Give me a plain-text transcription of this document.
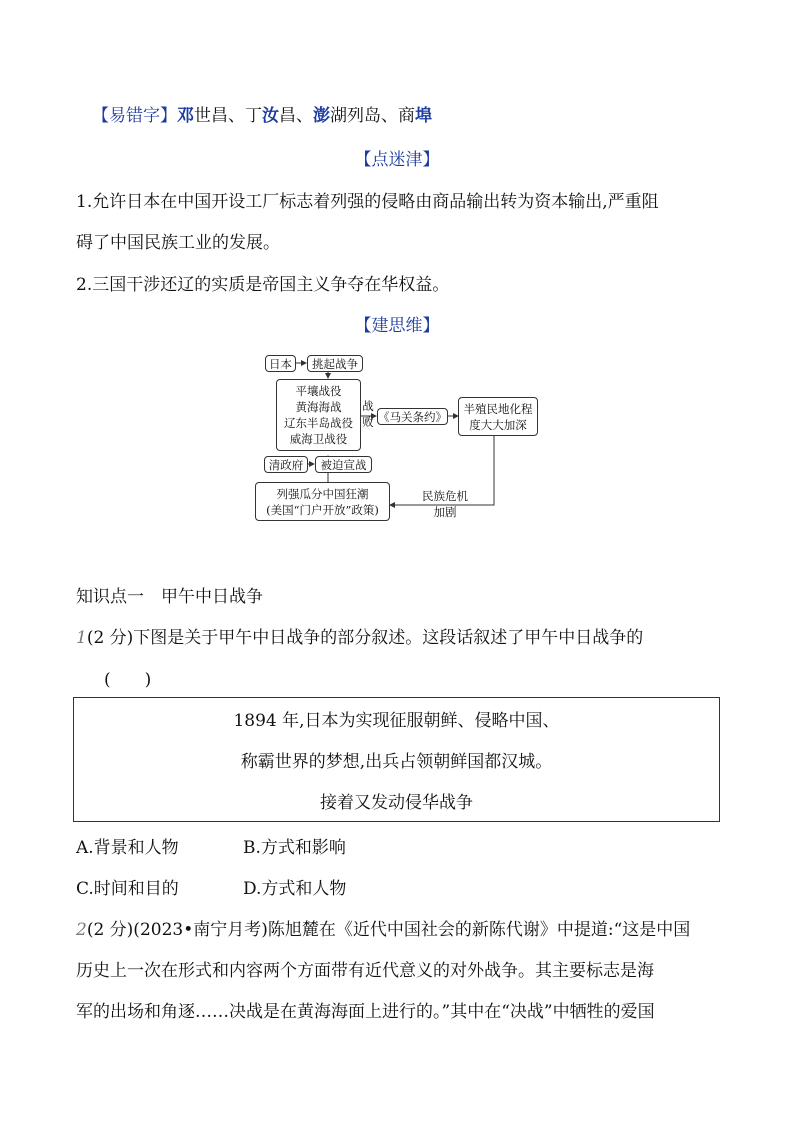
【易错字】邓世昌、丁汝昌、澎湖列岛、商埠
【点迷津】
1.允许日本在中国开设工厂标志着列强的侵略由商品输出转为资本输出,严重阻
碍了中国民族工业的发展。
2.三国干涉还辽的实质是帝国主义争夺在华权益。
【建思维】
日本	挑起战争
平壤战役
黄海海战
辽东半岛战役
威海卫战役
战
败 《马关条约》
半殖民地化程
度大大加深
民族危机
加剧
清政府	被迫宣战
列强瓜分中国狂潮
(美国“门户开放”政策)
知识点一　甲午中日战争
1(2 分)下图是关于甲午中日战争的部分叙述。这段话叙述了甲午中日战争的
(　　)
1894 年,日本为实现征服朝鲜、侵略中国、
称霸世界的梦想,出兵占领朝鲜国都汉城。
接着又发动侵华战争
A.背景和人物	B.方式和影响
C.时间和目的	D.方式和人物
2(2 分)(2023•南宁月考)陈旭麓在《近代中国社会的新陈代谢》中提道:“这是中国
历史上一次在形式和内容两个方面带有近代意义的对外战争。其主要标志是海
军的出场和角逐……决战是在黄海海面上进行的。”其中在“决战”中牺牲的爱国
